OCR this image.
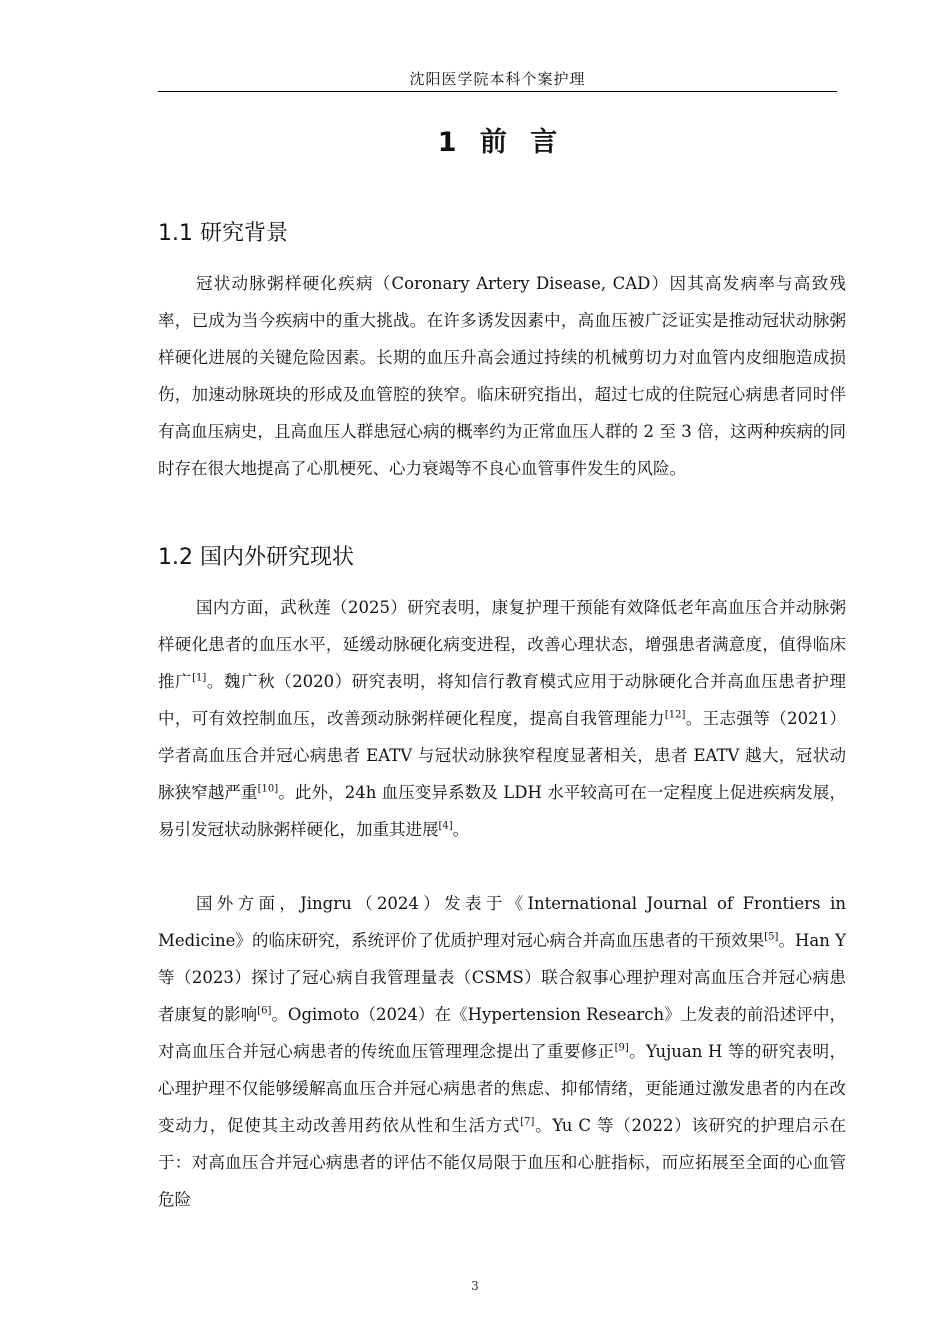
沈阳医学院本科个案护理
1 前 言
1.1 研究背景

冠状动脉粥样硬化疾病（Coronary Artery Disease, CAD）因其高发病率与高致残率，已成为当今疾病中的重大挑战。在许多诱发因素中，高血压被广泛证实是推动冠状动脉粥样硬化进展的关键危险因素。长期的血压升高会通过持续的机械剪切力对血管内皮细胞造成损伤，加速动脉斑块的形成及血管腔的狭窄。临床研究指出，超过七成的住院冠心病患者同时伴有高血压病史，且高血压人群患冠心病的概率约为正常血压人群的 2 至 3 倍，这两种疾病的同时存在很大地提高了心肌梗死、心力衰竭等不良心血管事件发生的风险。

1.2 国内外研究现状

国内方面，武秋莲（2025）研究表明，康复护理干预能有效降低老年高血压合并动脉粥样硬化患者的血压水平，延缓动脉硬化病变进程，改善心理状态，增强患者满意度，值得临床推广[1]。魏广秋（2020）研究表明，将知信行教育模式应用于动脉硬化合并高血压患者护理中，可有效控制血压，改善颈动脉粥样硬化程度，提高自我管理能力[12]。王志强等（2021）学者高血压合并冠心病患者 EATV 与冠状动脉狭窄程度显著相关，患者 EATV 越大，冠状动脉狭窄越严重[10]。此外，24h 血压变异系数及 LDH 水平较高可在一定程度上促进疾病发展，易引发冠状动脉粥样硬化，加重其进展[4]。

国外方面，Jingru（2024）发表于《International Journal of Frontiers in Medicine》的临床研究，系统评价了优质护理对冠心病合并高血压患者的干预效果[5]。Han Y 等（2023）探讨了冠心病自我管理量表（CSMS）联合叙事心理护理对高血压合并冠心病患者康复的影响[6]。Ogimoto（2024）在《Hypertension Research》上发表的前沿述评中，对高血压合并冠心病患者的传统血压管理理念提出了重要修正[9]。Yujuan H 等的研究表明，心理护理不仅能够缓解高血压合并冠心病患者的焦虑、抑郁情绪，更能通过激发患者的内在改变动力，促使其主动改善用药依从性和生活方式[7]。Yu C 等（2022）该研究的护理启示在于：对高血压合并冠心病患者的评估不能仅局限于血压和心脏指标，而应拓展至全面的心血管危险

3
